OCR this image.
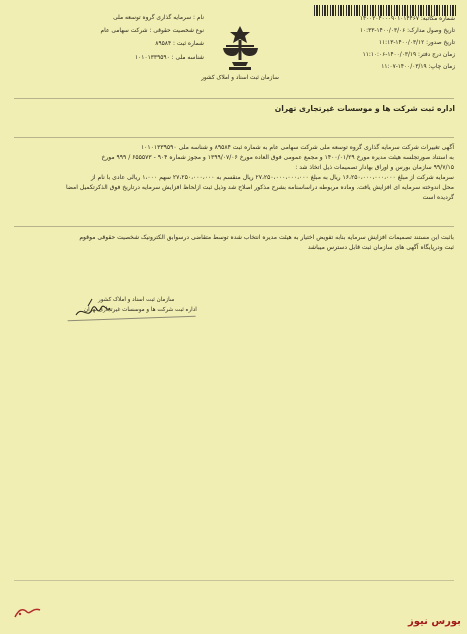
سازمان ثبت اسناد و املاک کشور
شماره مکاتبه: ۱۴۰۰۳۰۴۰۰۰۹۰۱۰۱۴۴۶۷
تاریخ وصول مدارک: ۱۴۰۰/۰۳/۰۶-۱۰:۳۳
تاریخ صدور: ۱۴۰۰/۰۳/۱۲-۱۱:۱۳
زمان درج دفتر: ۱۴۰۰/۰۳/۱۹-۱۱:۱۰:۰۶
زمان چاپ: ۱۴۰۰/۰۳/۱۹-۱۱:۰۷
نام : سرمایه گذاری گروه توسعه ملی
نوع شخصیت حقوقی : شرکت سهامی عام
شماره ثبت : ۸۹۵۸۴
شناسه ملی : ۱۰۱۰۱۳۳۹۵۹۰
اداره ثبت شرکت ها و موسسات غیرتجاری تهران
آگهی تغییرات شرکت سرمایه گذاری گروه توسعه ملی شرکت سهامی عام به شماره ثبت ۸۹۵۸۴ و شناسه ملی ۱۰۱۰۱۳۳۹۵۹۰
به استناد صورتجلسه هیئت مدیره مورخ ۱۴۰۰/۰۱/۲۹ و مجمع عمومی فوق العاده مورخ ۱۳۹۹/۰۷/۰۶ و مجوز شماره ۹۰۴ - ۶۵۵۵۷۳ / ۹۹۹ مورخ
۹۹/۷/۱۵ سازمان بورس و اوراق بهادار تصمیمات ذیل اتخاذ شد :
سرمایه شرکت از مبلغ ۱۶،۲۵۰،۰۰۰،۰۰۰،۰۰۰ ریال به مبلغ ۲۷،۲۵۰،۰۰۰،۰۰۰،۰۰۰ ریال منقسم به ۲۷،۲۵۰،۰۰۰،۰۰۰ سهم ۱،۰۰۰ ریالی عادی با نام از
محل اندوخته سرمایه ای افزایش یافت. وماده مربوطه دراساسنامه بشرح مذکور اصلاح شد وذیل ثبت ازلحاظ افزایش سرمایه درتاریخ فوق الذکرتکمیل امضا
گردیده است
باثبت این مستند تصمیمات افزایش سرمایه بنابه تفویض اختیار به هیئت مدیره انتخاب شده توسط متقاضی درسوابق الکترونیک شخصیت حقوقی موقوم
ثبت ودرپایگاه آگهی های سازمان ثبت قابل دسترس میباشد
سازمان ثبت اسناد و املاک کشور
اداره ثبت شرکت ها و موسسات غیرتجاری تهران
بورس نیوز
